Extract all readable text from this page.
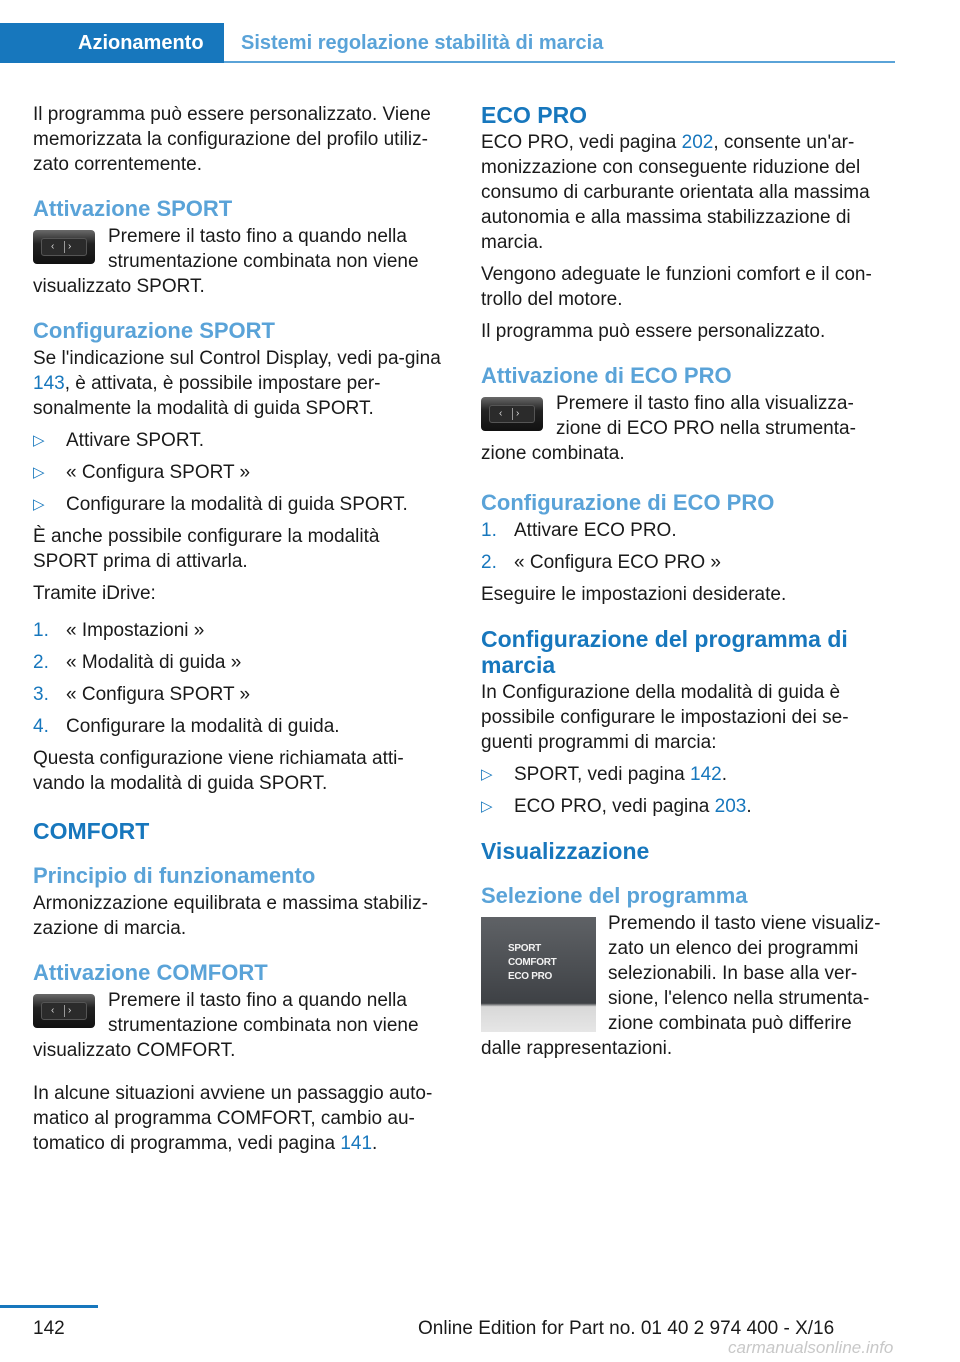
Azionamento	Sistemi regolazione stabilità di marcia

Il programma può essere personalizzato. Viene memorizzata la configurazione del profilo utiliz-zato correntemente.

Attivazione SPORT
‹ › Premere il tasto fino a quando nella strumentazione combinata non viene visualizzato SPORT.
Configurazione SPORT

Se l'indicazione sul Control Display, vedi pa-gina 143, è attivata, è possibile impostare per-sonalmente la modalità di guida SPORT.

▷ Attivare SPORT.
▷ « Configura SPORT »
▷ Configurare la modalità di guida SPORT.

È anche possibile configurare la modalità SPORT prima di attivarla.

Tramite iDrive:

1. « Impostazioni »
2. « Modalità di guida »
3. « Configura SPORT »
4. Configurare la modalità di guida.

Questa configurazione viene richiamata atti-vando la modalità di guida SPORT.

COMFORT
Principio di funzionamento

Armonizzazione equilibrata e massima stabiliz-zazione di marcia.

Attivazione COMFORT
‹ › Premere il tasto fino a quando nella strumentazione combinata non viene visualizzato COMFORT.

In alcune situazioni avviene un passaggio auto-matico al programma COMFORT, cambio au-tomatico di programma, vedi pagina 141.

ECO PRO

ECO PRO, vedi pagina 202, consente un'ar-monizzazione con conseguente riduzione del consumo di carburante orientata alla massima autonomia e alla massima stabilizzazione di marcia.

Vengono adeguate le funzioni comfort e il con-trollo del motore.

Il programma può essere personalizzato.

Attivazione di ECO PRO
‹ › Premere il tasto fino alla visualizza-zione di ECO PRO nella strumenta-zione combinata.
Configurazione di ECO PRO
1. Attivare ECO PRO.
2. « Configura ECO PRO »

Eseguire le impostazioni desiderate.

Configurazione del programma di marcia

In Configurazione della modalità di guida è possibile configurare le impostazioni dei se-guenti programmi di marcia:

▷ SPORT, vedi pagina 142.
▷ ECO PRO, vedi pagina 203.
Visualizzazione
Selezione del programma
SPORT
COMFORT
ECO PRO
Premendo il tasto viene visualiz-zato un elenco dei programmi selezionabili. In base alla ver-sione, l'elenco nella strumenta-zione combinata può differire dalle rappresentazioni.
142	Online Edition for Part no. 01 40 2 974 400 - X/16
carmanualsonline.info
